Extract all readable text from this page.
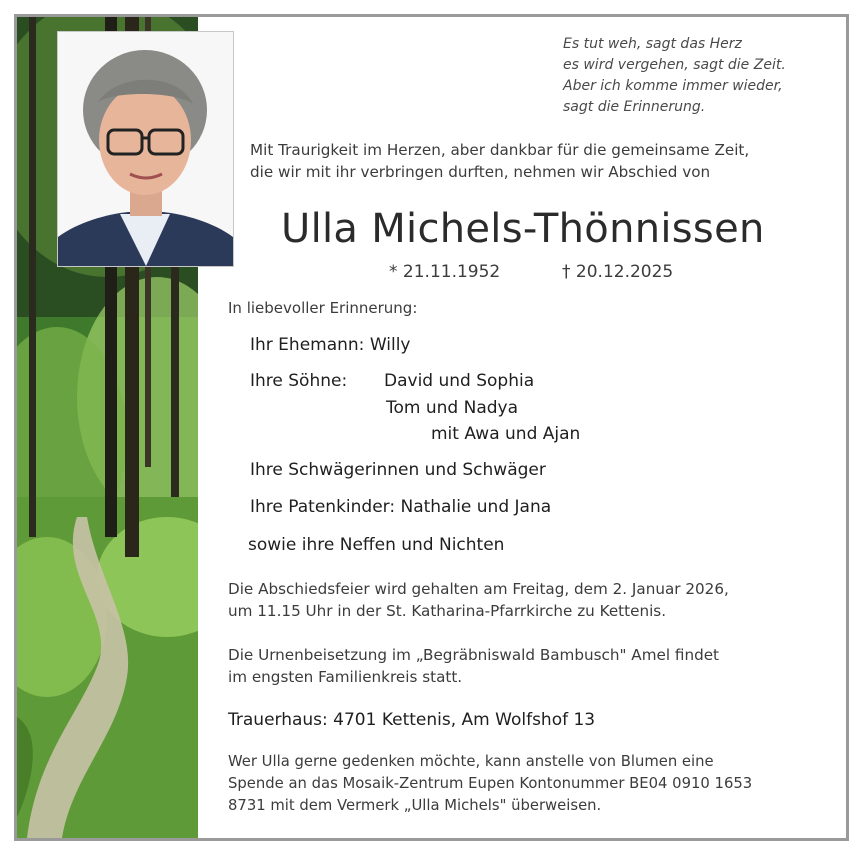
Es tut weh, sagt das Herz
es wird vergehen, sagt die Zeit.
Aber ich komme immer wieder,
sagt die Erinnerung.
Mit Traurigkeit im Herzen, aber dankbar für die gemeinsame Zeit,
die wir mit ihr verbringen durften, nehmen wir Abschied von
Ulla Michels-Thönnissen
* 21.11.1952	† 20.12.2025
In liebevoller Erinnerung:
Ihr Ehemann: Willy
Ihre Söhne: David und Sophia
Tom und Nadya
mit Awa und Ajan
Ihre Schwägerinnen und Schwäger
Ihre Patenkinder: Nathalie und Jana
sowie ihre Neffen und Nichten
Die Abschiedsfeier wird gehalten am Freitag, dem 2. Januar 2026,
um 11.15 Uhr in der St. Katharina-Pfarrkirche zu Kettenis.
Die Urnenbeisetzung im „Begräbniswald Bambusch" Amel findet
im engsten Familienkreis statt.
Trauerhaus: 4701 Kettenis, Am Wolfshof 13
Wer Ulla gerne gedenken möchte, kann anstelle von Blumen eine
Spende an das Mosaik-Zentrum Eupen Kontonummer BE04 0910 1653
8731 mit dem Vermerk „Ulla Michels" überweisen.
